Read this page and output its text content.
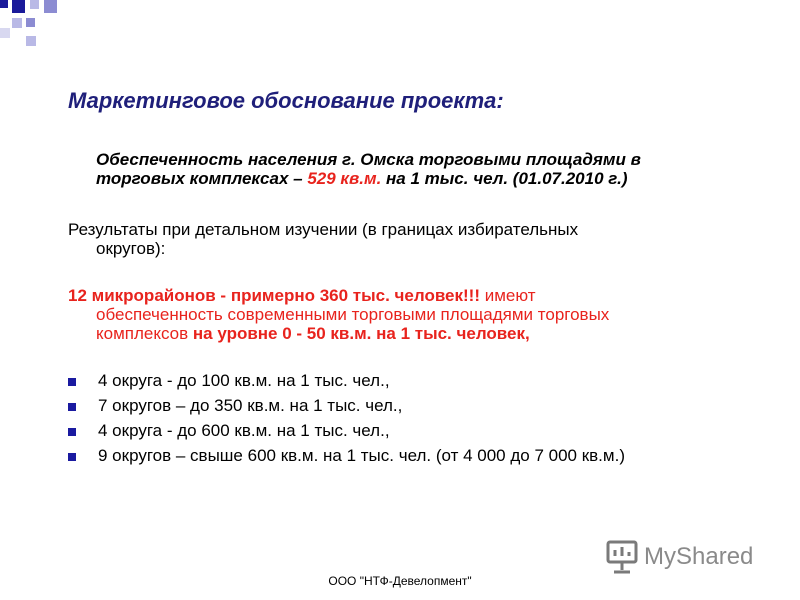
Маркетинговое обоснование проекта:
Обеспеченность населения г. Омска торговыми площадями в
торговых комплексах – 529 кв.м. на 1 тыс. чел. (01.07.2010 г.)
Результаты при детальном изучении (в границах избирательных
округов):
12 микрорайонов - примерно 360 тыс. человек!!! имеют
обеспеченность современными торговыми площадями торговых
комплексов на уровне 0 - 50 кв.м. на 1 тыс. человек,
4 округа - до 100 кв.м. на 1 тыс. чел.,
7 округов – до 350 кв.м. на 1 тыс. чел.,
4 округа - до 600 кв.м. на 1 тыс. чел.,
9 округов – свыше 600 кв.м. на 1 тыс. чел. (от 4 000 до 7 000 кв.м.)
MyShared
ООО "НТФ-Девелопмент"
